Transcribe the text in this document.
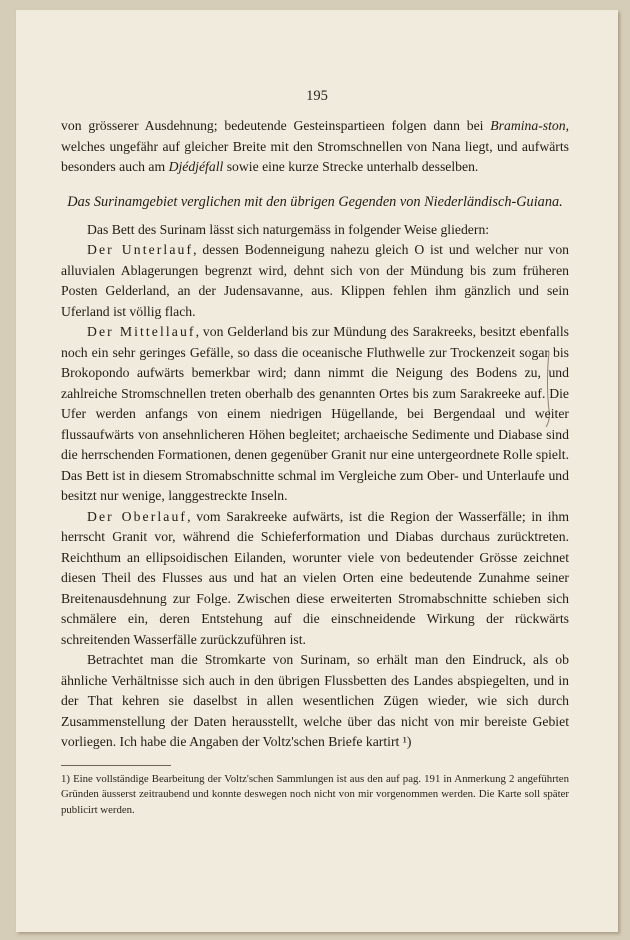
195

von grösserer Ausdehnung; bedeutende Gesteinspartieen folgen dann bei Bramina-ston, welches ungefähr auf gleicher Breite mit den Stromschnellen von Nana liegt, und aufwärts besonders auch am Djédjéfall sowie eine kurze Strecke unterhalb desselben.

Das Surinamgebiet verglichen mit den übrigen Gegenden von Niederländisch-Guiana.

Das Bett des Surinam lässt sich naturgemäss in folgender Weise gliedern:

Der Unterlauf, dessen Bodenneigung nahezu gleich O ist und welcher nur von alluvialen Ablagerungen begrenzt wird, dehnt sich von der Mündung bis zum früheren Posten Gelderland, an der Judensavanne, aus. Klippen fehlen ihm gänzlich und sein Uferland ist völlig flach.

Der Mittellauf, von Gelderland bis zur Mündung des Sarakreeks, besitzt ebenfalls noch ein sehr geringes Gefälle, so dass die oceanische Fluthwelle zur Trockenzeit sogar bis Brokopondo aufwärts bemerkbar wird; dann nimmt die Neigung des Bodens zu, und zahlreiche Stromschnellen treten oberhalb des genannten Ortes bis zum Sarakreeke auf. Die Ufer werden anfangs von einem niedrigen Hügellande, bei Bergendaal und weiter flussaufwärts von ansehnlicheren Höhen begleitet; archaeische Sedimente und Diabase sind die herrschenden Formationen, denen gegenüber Granit nur eine untergeordnete Rolle spielt. Das Bett ist in diesem Stromabschnitte schmal im Vergleiche zum Ober- und Unterlaufe und besitzt nur wenige, langgestreckte Inseln.

Der Oberlauf, vom Sarakreeke aufwärts, ist die Region der Wasserfälle; in ihm herrscht Granit vor, während die Schieferformation und Diabas durchaus zurücktreten. Reichthum an ellipsoidischen Eilanden, worunter viele von bedeutender Grösse zeichnet diesen Theil des Flusses aus und hat an vielen Orten eine bedeutende Zunahme seiner Breitenausdehnung zur Folge. Zwischen diese erweiterten Stromabschnitte schieben sich schmälere ein, deren Entstehung auf die einschneidende Wirkung der rückwärts schreitenden Wasserfälle zurückzuführen ist.

Betrachtet man die Stromkarte von Surinam, so erhält man den Eindruck, als ob ähnliche Verhältnisse sich auch in den übrigen Flussbetten des Landes abspiegelten, und in der That kehren sie daselbst in allen wesentlichen Zügen wieder, wie sich durch Zusammenstellung der Daten herausstellt, welche über das nicht von mir bereiste Gebiet vorliegen. Ich habe die Angaben der Voltz'schen Briefe kartirt ¹)

1) Eine vollständige Bearbeitung der Voltz'schen Sammlungen ist aus den auf pag. 191 in Anmerkung 2 angeführten Gründen äusserst zeitraubend und konnte deswegen noch nicht von mir vorgenommen werden. Die Karte soll später publicirt werden.
